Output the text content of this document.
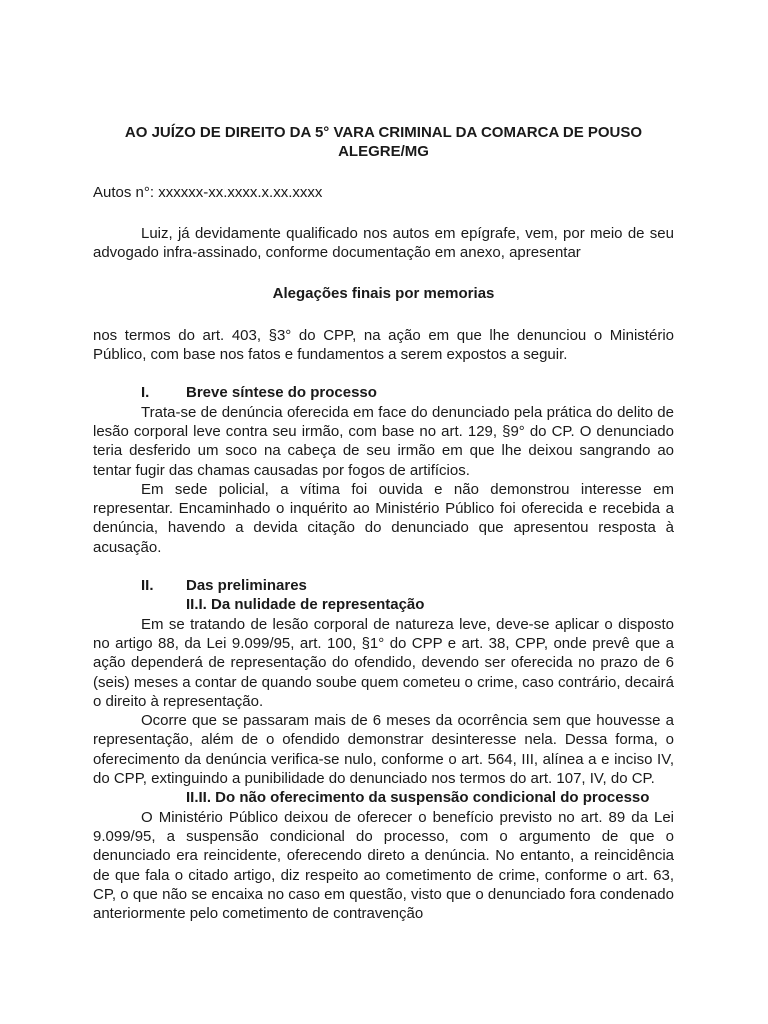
AO JUÍZO DE DIREITO DA 5° VARA CRIMINAL DA COMARCA DE POUSO ALEGRE/MG

Autos n°: xxxxxx-xx.xxxx.x.xx.xxxx

Luiz, já devidamente qualificado nos autos em epígrafe, vem, por meio de seu advogado infra-assinado, conforme documentação em anexo, apresentar

Alegações finais por memorias

nos termos do art. 403, §3° do CPP, na ação em que lhe denunciou o Ministério Público, com base nos fatos e fundamentos a serem expostos a seguir.

I. Breve síntese do processo

Trata-se de denúncia oferecida em face do denunciado pela prática do delito de lesão corporal leve contra seu irmão, com base no art. 129, §9° do CP. O denunciado teria desferido um soco na cabeça de seu irmão em que lhe deixou sangrando ao tentar fugir das chamas causadas por fogos de artifícios.

Em sede policial, a vítima foi ouvida e não demonstrou interesse em representar. Encaminhado o inquérito ao Ministério Público foi oferecida e recebida a denúncia, havendo a devida citação do denunciado que apresentou resposta à acusação.

II. Das preliminares

II.I. Da nulidade de representação

Em se tratando de lesão corporal de natureza leve, deve-se aplicar o disposto no artigo 88, da Lei 9.099/95, art. 100, §1° do CPP e art. 38, CPP, onde prevê que a ação dependerá de representação do ofendido, devendo ser oferecida no prazo de 6 (seis) meses a contar de quando soube quem cometeu o crime, caso contrário, decairá o direito à representação.

Ocorre que se passaram mais de 6 meses da ocorrência sem que houvesse a representação, além de o ofendido demonstrar desinteresse nela. Dessa forma, o oferecimento da denúncia verifica-se nulo, conforme o art. 564, III, alínea a e inciso IV, do CPP, extinguindo a punibilidade do denunciado nos termos do art. 107, IV, do CP.

II.II. Do não oferecimento da suspensão condicional do processo

O Ministério Público deixou de oferecer o benefício previsto no art. 89 da Lei 9.099/95, a suspensão condicional do processo, com o argumento de que o denunciado era reincidente, oferecendo direto a denúncia. No entanto, a reincidência de que fala o citado artigo, diz respeito ao cometimento de crime, conforme o art. 63, CP, o que não se encaixa no caso em questão, visto que o denunciado fora condenado anteriormente pelo cometimento de contravenção
